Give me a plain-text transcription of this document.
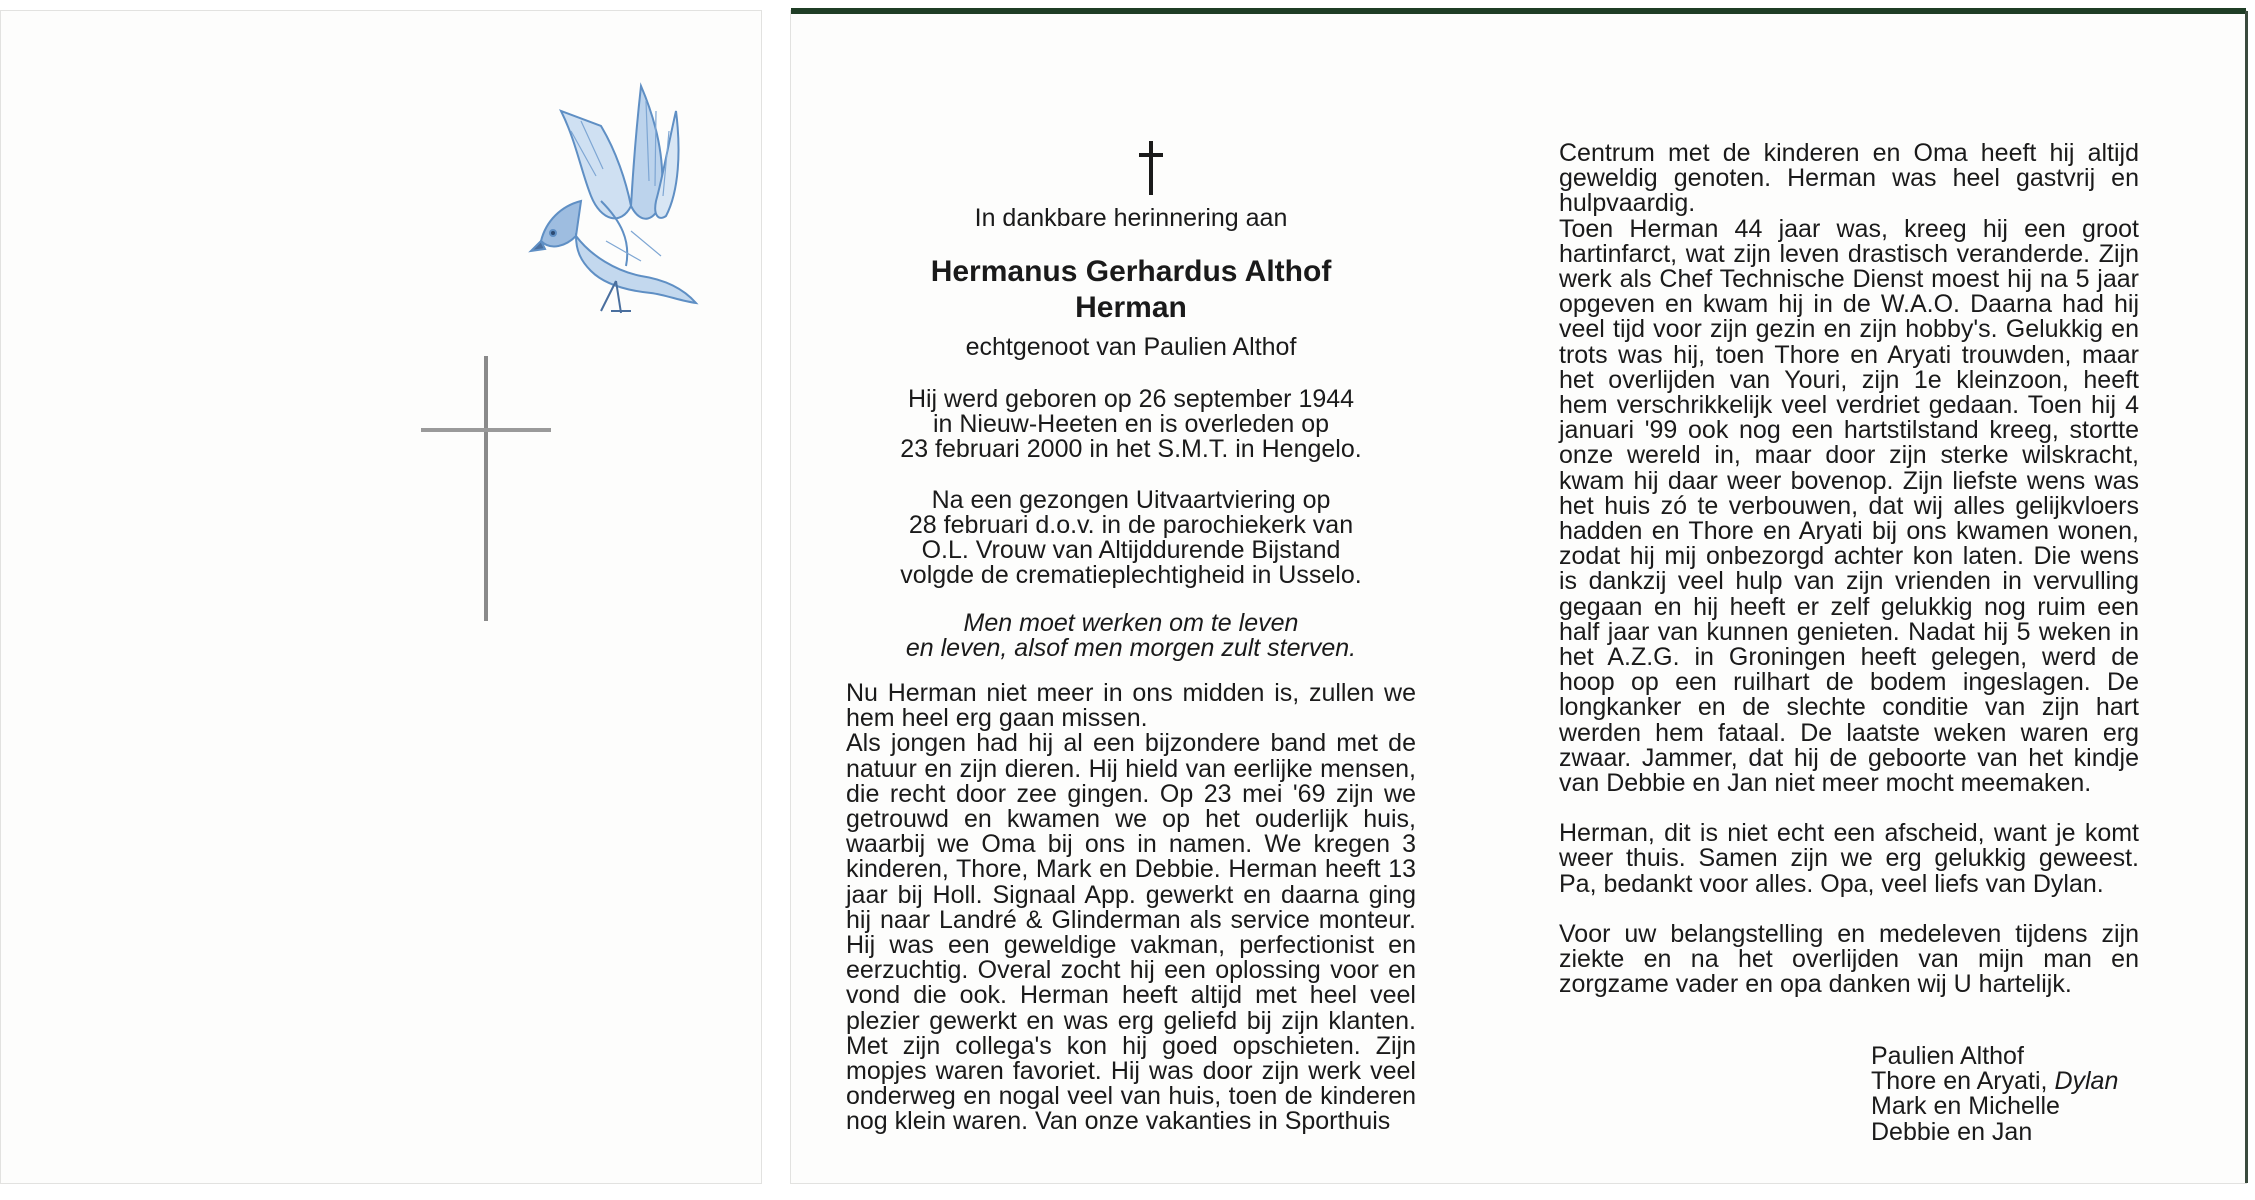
In dankbare herinnering aan
Hermanus Gerhardus Althof
Herman
echtgenoot van Paulien Althof
Hij werd geboren op 26 september 1944
in Nieuw-Heeten en is overleden op
23 februari 2000 in het S.M.T. in Hengelo.
Na een gezongen Uitvaartviering op
28 februari d.o.v. in de parochiekerk van
O.L. Vrouw van Altijddurende Bijstand
volgde de crematieplechtigheid in Usselo.
Men moet werken om te leven
en leven, alsof men morgen zult sterven.

Nu Herman niet meer in ons midden is, zullen we hem heel erg gaan missen.

Als jongen had hij al een bijzondere band met de natuur en zijn dieren. Hij hield van eerlijke mensen, die recht door zee gingen. Op 23 mei '69 zijn we getrouwd en kwamen we op het ouderlijk huis, waarbij we Oma bij ons in namen. We kregen 3 kinderen, Thore, Mark en Debbie. Herman heeft 13 jaar bij Holl. Signaal App. gewerkt en daarna ging hij naar Landré & Glinderman als service monteur. Hij was een geweldige vakman, perfectionist en eerzuchtig. Overal zocht hij een oplossing voor en vond die ook. Herman heeft altijd met heel veel plezier gewerkt en was erg geliefd bij zijn klanten. Met zijn collega's kon hij goed opschieten. Zijn mopjes waren favoriet. Hij was door zijn werk veel onderweg en nogal veel van huis, toen de kinderen nog klein waren. Van onze vakanties in Sporthuis

Centrum met de kinderen en Oma heeft hij altijd geweldig genoten. Herman was heel gastvrij en hulpvaardig.

Toen Herman 44 jaar was, kreeg hij een groot hartinfarct, wat zijn leven drastisch veranderde. Zijn werk als Chef Technische Dienst moest hij na 5 jaar opgeven en kwam hij in de W.A.O. Daarna had hij veel tijd voor zijn gezin en zijn hobby's. Gelukkig en trots was hij, toen Thore en Aryati trouwden, maar het overlijden van Youri, zijn 1e kleinzoon, heeft hem verschrikkelijk veel verdriet gedaan. Toen hij 4 januari '99 ook nog een hartstilstand kreeg, stortte onze wereld in, maar door zijn sterke wilskracht, kwam hij daar weer bovenop. Zijn liefste wens was het huis zó te verbouwen, dat wij alles gelijkvloers hadden en Thore en Aryati bij ons kwamen wonen, zodat hij mij onbezorgd achter kon laten. Die wens is dankzij veel hulp van zijn vrienden in vervulling gegaan en hij heeft er zelf gelukkig nog ruim een half jaar van kunnen genieten. Nadat hij 5 weken in het A.Z.G. in Groningen heeft gelegen, werd de hoop op een ruilhart de bodem ingeslagen. De longkanker en de slechte conditie van zijn hart werden hem fataal. De laatste weken waren erg zwaar. Jammer, dat hij de geboorte van het kindje van Debbie en Jan niet meer mocht meemaken.

Herman, dit is niet echt een afscheid, want je komt weer thuis. Samen zijn we erg gelukkig geweest. Pa, bedankt voor alles. Opa, veel liefs van Dylan.

Voor uw belangstelling en medeleven tijdens zijn ziekte en na het overlijden van mijn man en zorgzame vader en opa danken wij U hartelijk.

Paulien Althof
Thore en Aryati, Dylan
Mark en Michelle
Debbie en Jan
